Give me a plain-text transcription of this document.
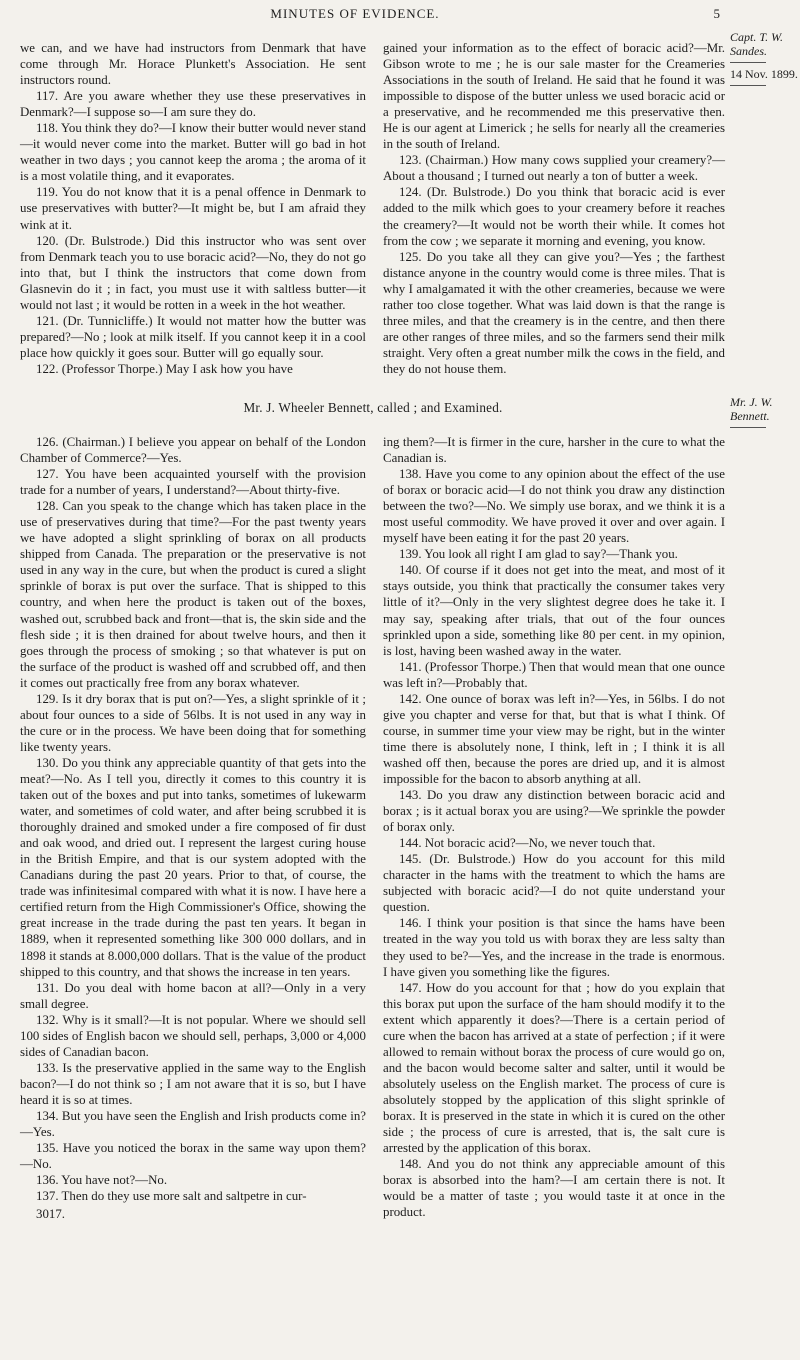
MINUTES OF EVIDENCE.	5

we can, and we have had instructors from Denmark that have come through Mr. Horace Plunkett's Association. He sent instructors round.

117. Are you aware whether they use these preservatives in Denmark?—I suppose so—I am sure they do.

118. You think they do?—I know their butter would never stand—it would never come into the market. Butter will go bad in hot weather in two days ; you cannot keep the aroma ; the aroma of it is a most volatile thing, and it evaporates.

119. You do not know that it is a penal offence in Denmark to use preservatives with butter?—It might be, but I am afraid they wink at it.

120. (Dr. Bulstrode.) Did this instructor who was sent over from Denmark teach you to use boracic acid?—No, they do not go into that, but I think the instructors that come down from Glasnevin do it ; in fact, you must use it with saltless butter—it would not last ; it would be rotten in a week in the hot weather.

121. (Dr. Tunnicliffe.) It would not matter how the butter was prepared?—No ; look at milk itself. If you cannot keep it in a cool place how quickly it goes sour. Butter will go equally sour.

122. (Professor Thorpe.) May I ask how you have

gained your information as to the effect of boracic acid?—Mr. Gibson wrote to me ; he is our sale master for the Creameries Associations in the south of Ireland. He said that he found it was impossible to dispose of the butter unless we used boracic acid or a preservative, and he recommended me this preservative then. He is our agent at Limerick ; he sells for nearly all the creameries in the south of Ireland.

123. (Chairman.) How many cows supplied your creamery?—About a thousand ; I turned out nearly a ton of butter a week.

124. (Dr. Bulstrode.) Do you think that boracic acid is ever added to the milk which goes to your creamery before it reaches the creamery?—It would not be worth their while. It comes hot from the cow ; we separate it morning and evening, you know.

125. Do you take all they can give you?—Yes ; the farthest distance anyone in the country would come is three miles. That is why I amalgamated it with the other creameries, because we were rather too close together. What was laid down is that the range is three miles, and that the creamery is in the centre, and then there are other ranges of three miles, and so the farmers send their milk straight. Very often a great number milk the cows in the field, and they do not house them.

Capt. T. W. Sandes.
14 Nov. 1899.
Mr. J. Wheeler Bennett, called ; and Examined.	Mr. J. W. Bennett.

126. (Chairman.) I believe you appear on behalf of the London Chamber of Commerce?—Yes.

127. You have been acquainted yourself with the provision trade for a number of years, I understand?—About thirty-five.

128. Can you speak to the change which has taken place in the use of preservatives during that time?—For the past twenty years we have adopted a slight sprinkling of borax on all products shipped from Canada. The preparation or the preservative is not used in any way in the cure, but when the product is cured a slight sprinkle of borax is put over the surface. That is shipped to this country, and when here the product is taken out of the boxes, washed out, scrubbed back and front—that is, the skin side and the flesh side ; it is then drained for about twelve hours, and then it goes through the process of smoking ; so that whatever is put on the surface of the product is washed off and scrubbed off, and then it comes out practically free from any borax whatever.

129. Is it dry borax that is put on?—Yes, a slight sprinkle of it ; about four ounces to a side of 56lbs. It is not used in any way in the cure or in the process. We have been doing that for something like twenty years.

130. Do you think any appreciable quantity of that gets into the meat?—No. As I tell you, directly it comes to this country it is taken out of the boxes and put into tanks, sometimes of lukewarm water, and sometimes of cold water, and after being scrubbed it is thoroughly drained and smoked under a fire composed of fir dust and oak wood, and dried out. I represent the largest curing house in the British Empire, and that is our system adopted with the Canadians during the past 20 years. Prior to that, of course, the trade was infinitesimal compared with what it is now. I have here a certified return from the High Commissioner's Office, showing the great increase in the trade during the past ten years. It began in 1889, when it represented something like 300 000 dollars, and in 1898 it stands at 8.000,000 dollars. That is the value of the product shipped to this country, and that shows the increase in ten years.

131. Do you deal with home bacon at all?—Only in a very small degree.

132. Why is it small?—It is not popular. Where we should sell 100 sides of English bacon we should sell, perhaps, 3,000 or 4,000 sides of Canadian bacon.

133. Is the preservative applied in the same way to the English bacon?—I do not think so ; I am not aware that it is so, but I have heard it is so at times.

134. But you have seen the English and Irish products come in?—Yes.

135. Have you noticed the borax in the same way upon them?—No.

136. You have not?—No.

137. Then do they use more salt and saltpetre in cur-

3017.

ing them?—It is firmer in the cure, harsher in the cure to what the Canadian is.

138. Have you come to any opinion about the effect of the use of borax or boracic acid—I do not think you draw any distinction between the two?—No. We simply use borax, and we think it is a most useful commodity. We have proved it over and over again. I myself have been eating it for the past 20 years.

139. You look all right I am glad to say?—Thank you.

140. Of course if it does not get into the meat, and most of it stays outside, you think that practically the consumer takes very little of it?—Only in the very slightest degree does he take it. I may say, speaking after trials, that out of the four ounces sprinkled upon a side, something like 80 per cent. in my opinion, is lost, having been washed away in the water.

141. (Professor Thorpe.) Then that would mean that one ounce was left in?—Probably that.

142. One ounce of borax was left in?—Yes, in 56lbs. I do not give you chapter and verse for that, but that is what I think. Of course, in summer time your view may be right, but in the winter time there is absolutely none, I think, left in ; I think it is all washed off then, because the pores are dried up, and it is almost impossible for the bacon to absorb anything at all.

143. Do you draw any distinction between boracic acid and borax ; is it actual borax you are using?—We sprinkle the powder of borax only.

144. Not boracic acid?—No, we never touch that.

145. (Dr. Bulstrode.) How do you account for this mild character in the hams with the treatment to which the hams are subjected with boracic acid?—I do not quite understand your question.

146. I think your position is that since the hams have been treated in the way you told us with borax they are less salty than they used to be?—Yes, and the increase in the trade is enormous. I have given you something like the figures.

147. How do you account for that ; how do you explain that this borax put upon the surface of the ham should modify it to the extent which apparently it does?—There is a certain period of cure when the bacon has arrived at a state of perfection ; if it were allowed to remain without borax the process of cure would go on, and the bacon would become salter and salter, until it would be absolutely useless on the English market. The process of cure is absolutely stopped by the application of this slight sprinkle of borax. It is preserved in the state in which it is cured on the other side ; the process of cure is arrested, that is, the salt cure is arrested by the application of this borax.

148. And you do not think any appreciable amount of this borax is absorbed into the ham?—I am certain there is not. It would be a matter of taste ; you would taste it at once in the product.
